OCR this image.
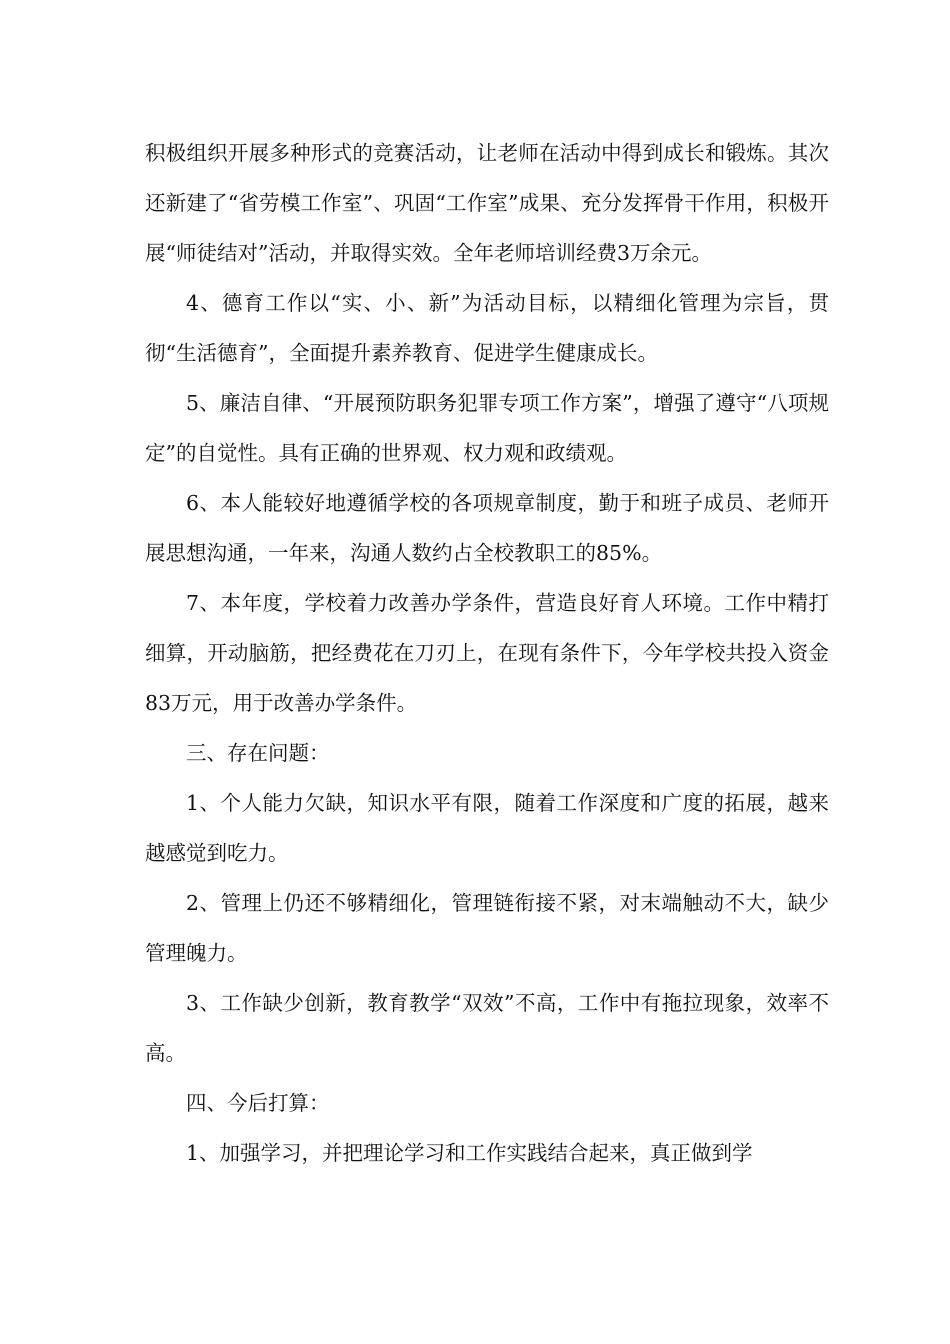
积极组织开展多种形式的竞赛活动，让老师在活动中得到成长和锻炼。其次还新建了“省劳模工作室”、巩固“工作室”成果、充分发挥骨干作用，积极开展“师徒结对”活动，并取得实效。全年老师培训经费3万余元。

4、德育工作以“实、小、新”为活动目标，以精细化管理为宗旨，贯彻“生活德育”，全面提升素养教育、促进学生健康成长。

5、廉洁自律、“开展预防职务犯罪专项工作方案”，增强了遵守“八项规定”的自觉性。具有正确的世界观、权力观和政绩观。

6、本人能较好地遵循学校的各项规章制度，勤于和班子成员、老师开展思想沟通，一年来，沟通人数约占全校教职工的85%。

7、本年度，学校着力改善办学条件，营造良好育人环境。工作中精打细算，开动脑筋，把经费花在刀刃上，在现有条件下，今年学校共投入资金83万元，用于改善办学条件。

三、存在问题：

1、个人能力欠缺，知识水平有限，随着工作深度和广度的拓展，越来越感觉到吃力。

2、管理上仍还不够精细化，管理链衔接不紧，对末端触动不大，缺少管理魄力。

3、工作缺少创新，教育教学“双效”不高，工作中有拖拉现象，效率不高。

四、今后打算：

1、加强学习，并把理论学习和工作实践结合起来，真正做到学
